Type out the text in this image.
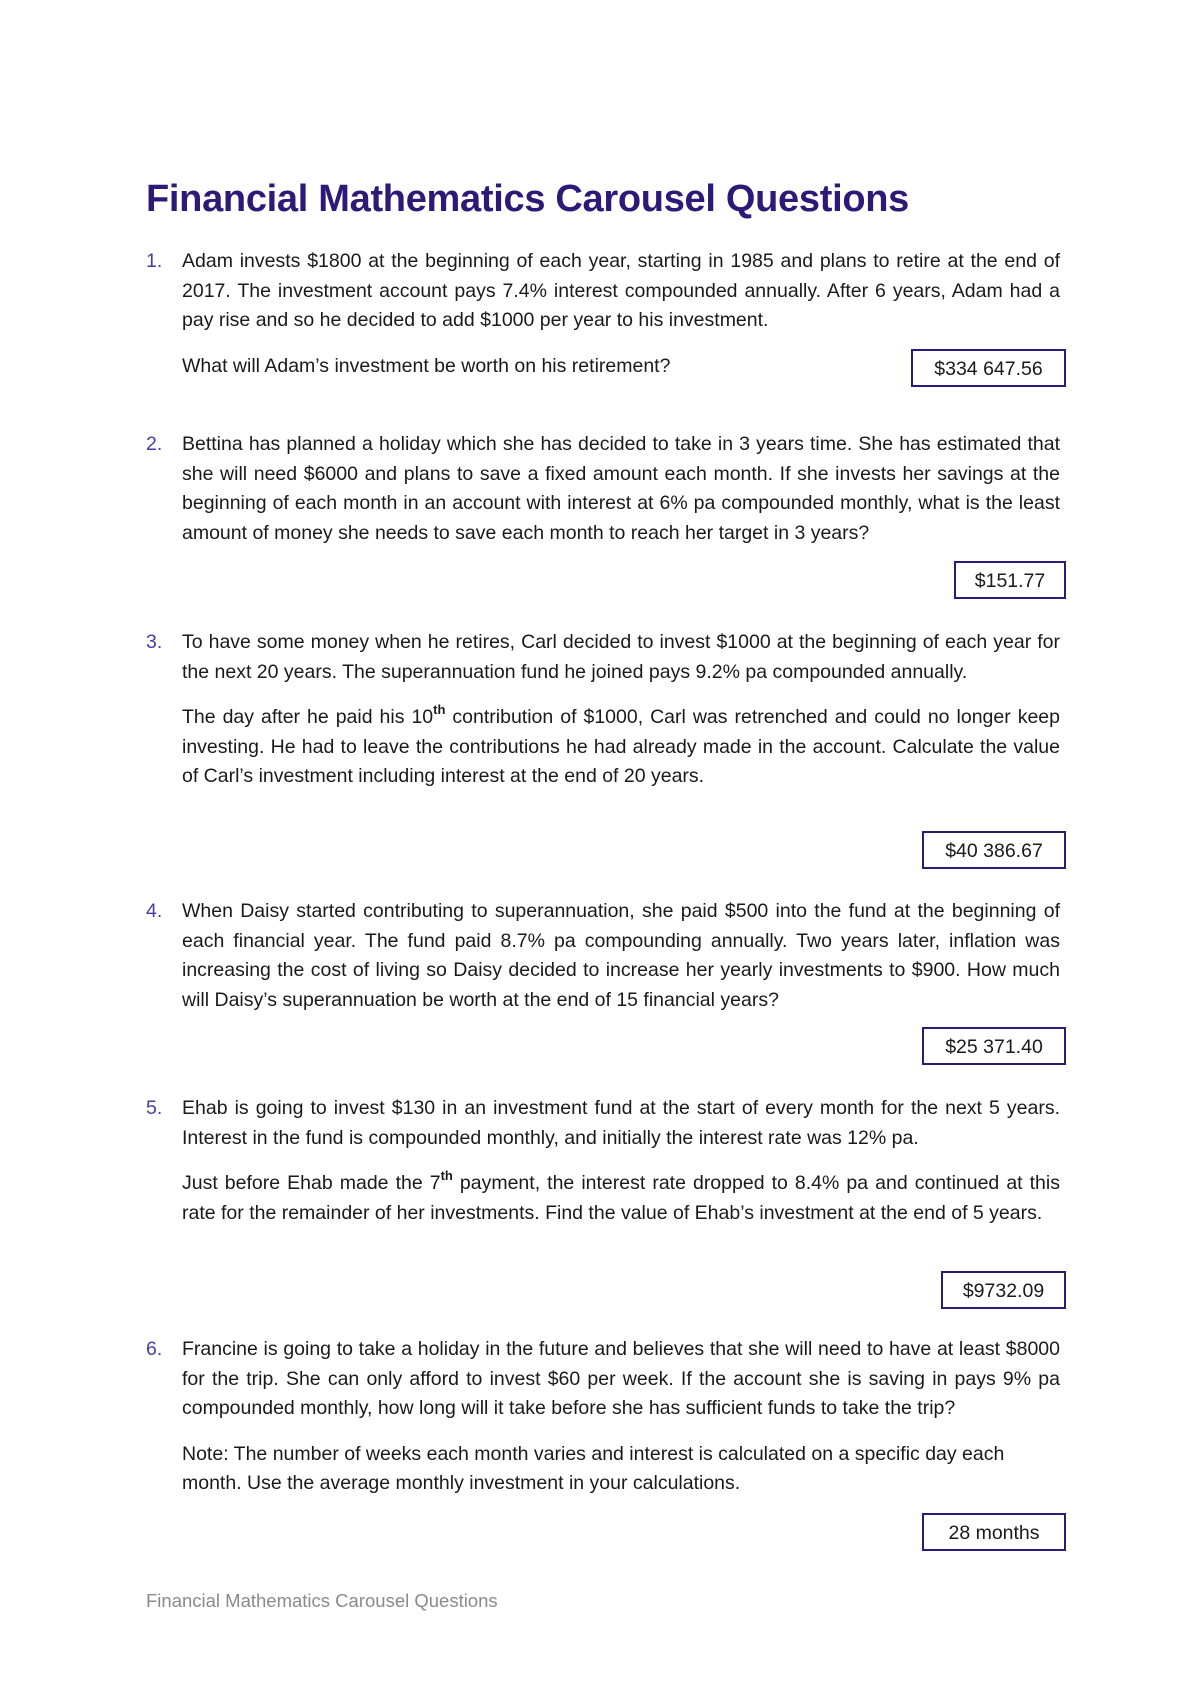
Financial Mathematics Carousel Questions
1.	Adam invests $1800 at the beginning of each year, starting in 1985 and plans to retire at the end of 2017. The investment account pays 7.4% interest compounded annually. After 6 years, Adam had a pay rise and so he decided to add $1000 per year to his investment.

What will Adam’s investment be worth on his retirement?	$334 647.56
2.	Bettina has planned a holiday which she has decided to take in 3 years time. She has estimated that she will need $6000 and plans to save a fixed amount each month. If she invests her savings at the beginning of each month in an account with interest at 6% pa compounded monthly, what is the least amount of money she needs to save each month to reach her target in 3 years?

$151.77
3.	To have some money when he retires, Carl decided to invest $1000 at the beginning of each year for the next 20 years. The superannuation fund he joined pays 9.2% pa compounded annually.

The day after he paid his 10th contribution of $1000, Carl was retrenched and could no longer keep investing. He had to leave the contributions he had already made in the account. Calculate the value of Carl’s investment including interest at the end of 20 years.

$40 386.67
4.	When Daisy started contributing to superannuation, she paid $500 into the fund at the beginning of each financial year. The fund paid 8.7% pa compounding annually. Two years later, inflation was increasing the cost of living so Daisy decided to increase her yearly investments to $900. How much will Daisy’s superannuation be worth at the end of 15 financial years?

$25 371.40
5.	Ehab is going to invest $130 in an investment fund at the start of every month for the next 5 years. Interest in the fund is compounded monthly, and initially the interest rate was 12% pa.

Just before Ehab made the 7th payment, the interest rate dropped to 8.4% pa and continued at this rate for the remainder of her investments. Find the value of Ehab’s investment at the end of 5 years.

$9732.09
6.	Francine is going to take a holiday in the future and believes that she will need to have at least $8000 for the trip. She can only afford to invest $60 per week. If the account she is saving in pays 9% pa compounded monthly, how long will it take before she has sufficient funds to take the trip?

Note: The number of weeks each month varies and interest is calculated on a specific day each month. Use the average monthly investment in your calculations.

28 months
Financial Mathematics Carousel Questions
